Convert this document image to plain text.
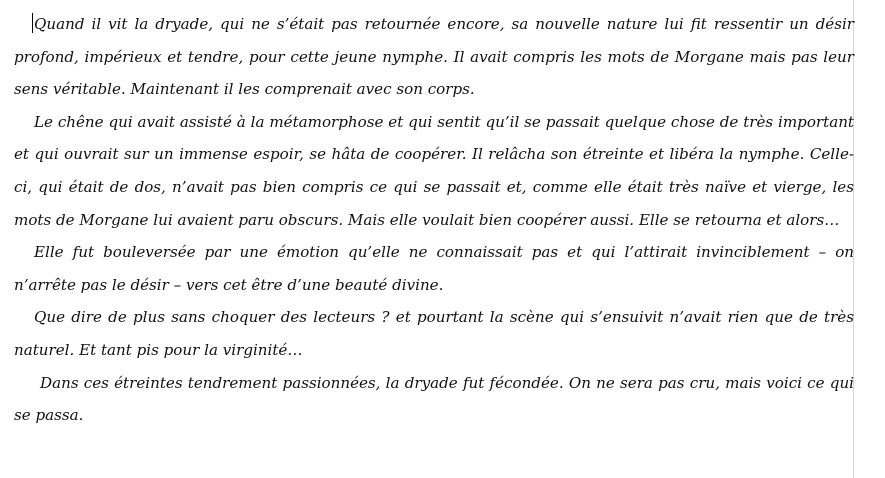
Quand il vit la dryade, qui ne s’était pas retournée encore, sa nouvelle nature lui fit ressentir un désir profond, impérieux et tendre, pour cette jeune nymphe. Il avait compris les mots de Morgane mais pas leur sens véritable. Maintenant il les comprenait avec son corps.

Le chêne qui avait assisté à la métamorphose et qui sentit qu’il se passait quelque chose de très important et qui ouvrait sur un immense espoir, se hâta de coopérer. Il relâcha son étreinte et libéra la nymphe. Celle-ci, qui était de dos, n’avait pas bien compris ce qui se passait et, comme elle était très naïve et vierge, les mots de Morgane lui avaient paru obscurs. Mais elle voulait bien coopérer aussi. Elle se retourna et alors…

Elle fut bouleversée par une émotion qu’elle ne connaissait pas et qui l’attirait invinciblement – on n’arrête pas le désir – vers cet être d’une beauté divine.

Que dire de plus sans choquer des lecteurs ? et pourtant la scène qui s’ensuivit n’avait rien que de très naturel. Et tant pis pour la virginité…

Dans ces étreintes tendrement passionnées, la dryade fut fécondée. On ne sera pas cru, mais voici ce qui se passa.
